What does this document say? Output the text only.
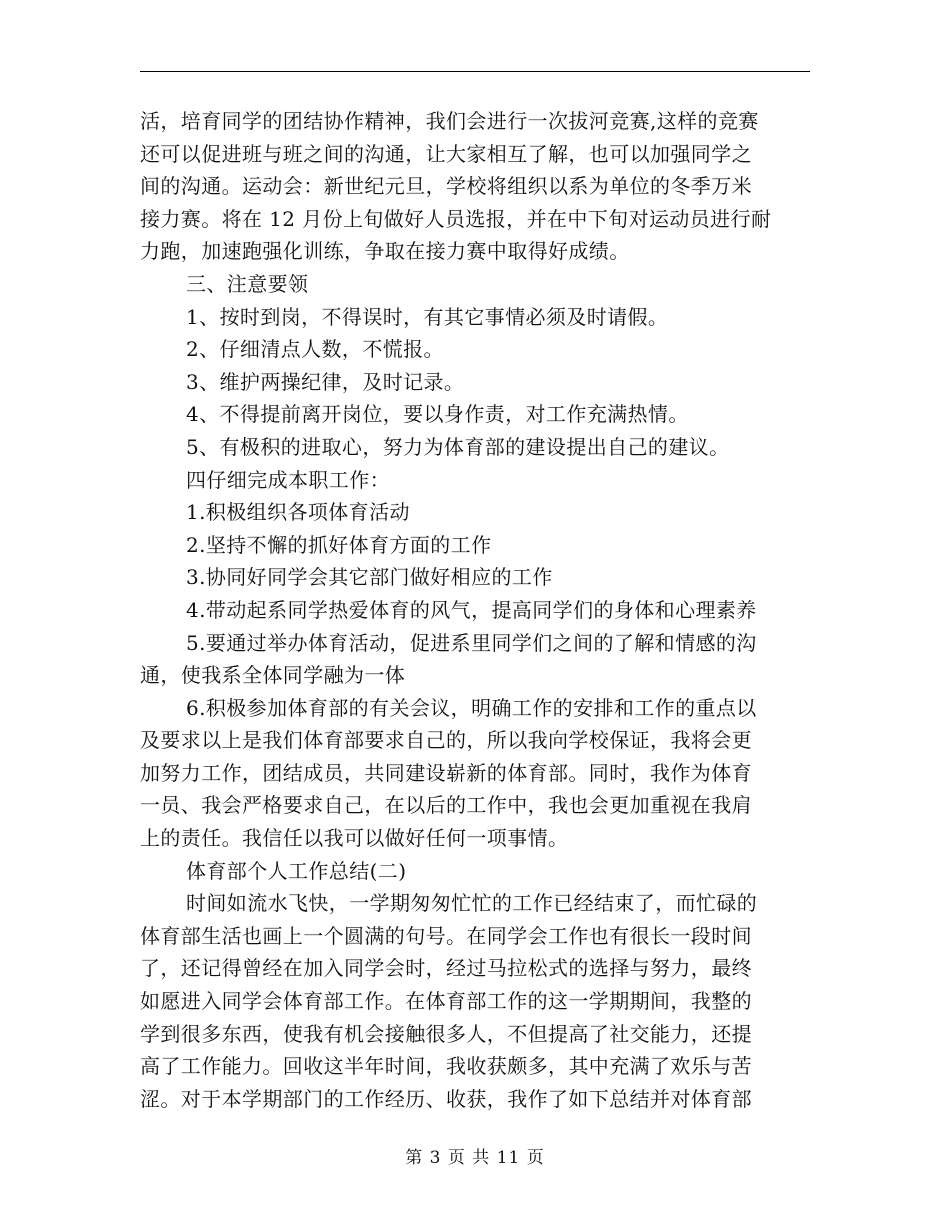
活，培育同学的团结协作精神，我们会进行一次拔河竞赛,这样的竞赛
还可以促进班与班之间的沟通，让大家相互了解，也可以加强同学之
间的沟通。运动会：新世纪元旦，学校将组织以系为单位的冬季万米
接力赛。将在 12 月份上旬做好人员选报，并在中下旬对运动员进行耐
力跑，加速跑强化训练，争取在接力赛中取得好成绩。
三、注意要领
1、按时到岗，不得误时，有其它事情必须及时请假。
2、仔细清点人数，不慌报。
3、维护两操纪律，及时记录。
4、不得提前离开岗位，要以身作责，对工作充满热情。
5、有极积的进取心，努力为体育部的建设提出自己的建议。
四仔细完成本职工作：
1.积极组织各项体育活动
2.坚持不懈的抓好体育方面的工作
3.协同好同学会其它部门做好相应的工作
4.带动起系同学热爱体育的风气，提高同学们的身体和心理素养
5.要通过举办体育活动，促进系里同学们之间的了解和情感的沟
通，使我系全体同学融为一体
6.积极参加体育部的有关会议，明确工作的安排和工作的重点以
及要求以上是我们体育部要求自己的，所以我向学校保证，我将会更
加努力工作，团结成员，共同建设崭新的体育部。同时，我作为体育
一员、我会严格要求自己，在以后的工作中，我也会更加重视在我肩
上的责任。我信任以我可以做好任何一项事情。
体育部个人工作总结(二)
时间如流水飞快，一学期匆匆忙忙的工作已经结束了，而忙碌的
体育部生活也画上一个圆满的句号。在同学会工作也有很长一段时间
了，还记得曾经在加入同学会时，经过马拉松式的选择与努力，最终
如愿进入同学会体育部工作。在体育部工作的这一学期期间，我整的
学到很多东西，使我有机会接触很多人，不但提高了社交能力，还提
高了工作能力。回收这半年时间，我收获颇多，其中充满了欢乐与苦
涩。对于本学期部门的工作经历、收获，我作了如下总结并对体育部
第 3 页 共 11 页
